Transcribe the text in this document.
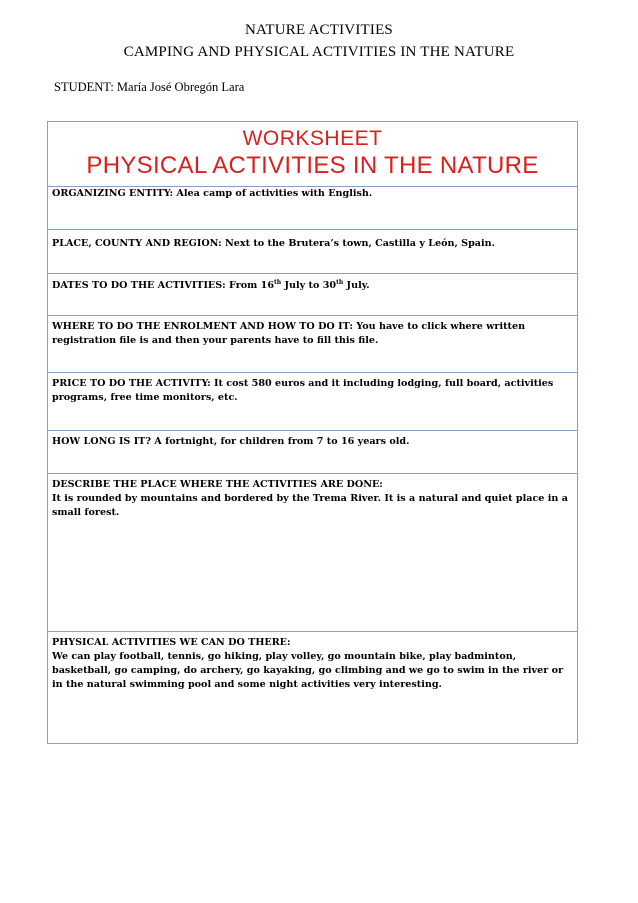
NATURE ACTIVITIES
CAMPING AND PHYSICAL ACTIVITIES IN THE NATURE
STUDENT: María José Obregón Lara
WORKSHEET
PHYSICAL ACTIVITIES IN THE NATURE
ORGANIZING ENTITY: Alea camp of activities with English.
PLACE, COUNTY AND REGION: Next to the Brutera’s town, Castilla y León, Spain.
DATES TO DO THE ACTIVITIES: From 16th July to 30th July.
WHERE TO DO THE ENROLMENT AND HOW TO DO IT: You have to click where written registration file is and then your parents have to fill this file.
PRICE TO DO THE ACTIVITY: It cost 580 euros and it including lodging, full board, activities programs, free time monitors, etc.
HOW LONG IS IT? A fortnight, for children from 7 to 16 years old.
DESCRIBE THE PLACE WHERE THE ACTIVITIES ARE DONE:
It is rounded by mountains and bordered by the Trema River. It is a natural and quiet place in a small forest.
PHYSICAL ACTIVITIES WE CAN DO THERE:
We can play football, tennis, go hiking, play volley, go mountain bike, play badminton, basketball, go camping, do archery, go kayaking, go climbing and we go to swim in the river or in the natural swimming pool and some night activities very interesting.
